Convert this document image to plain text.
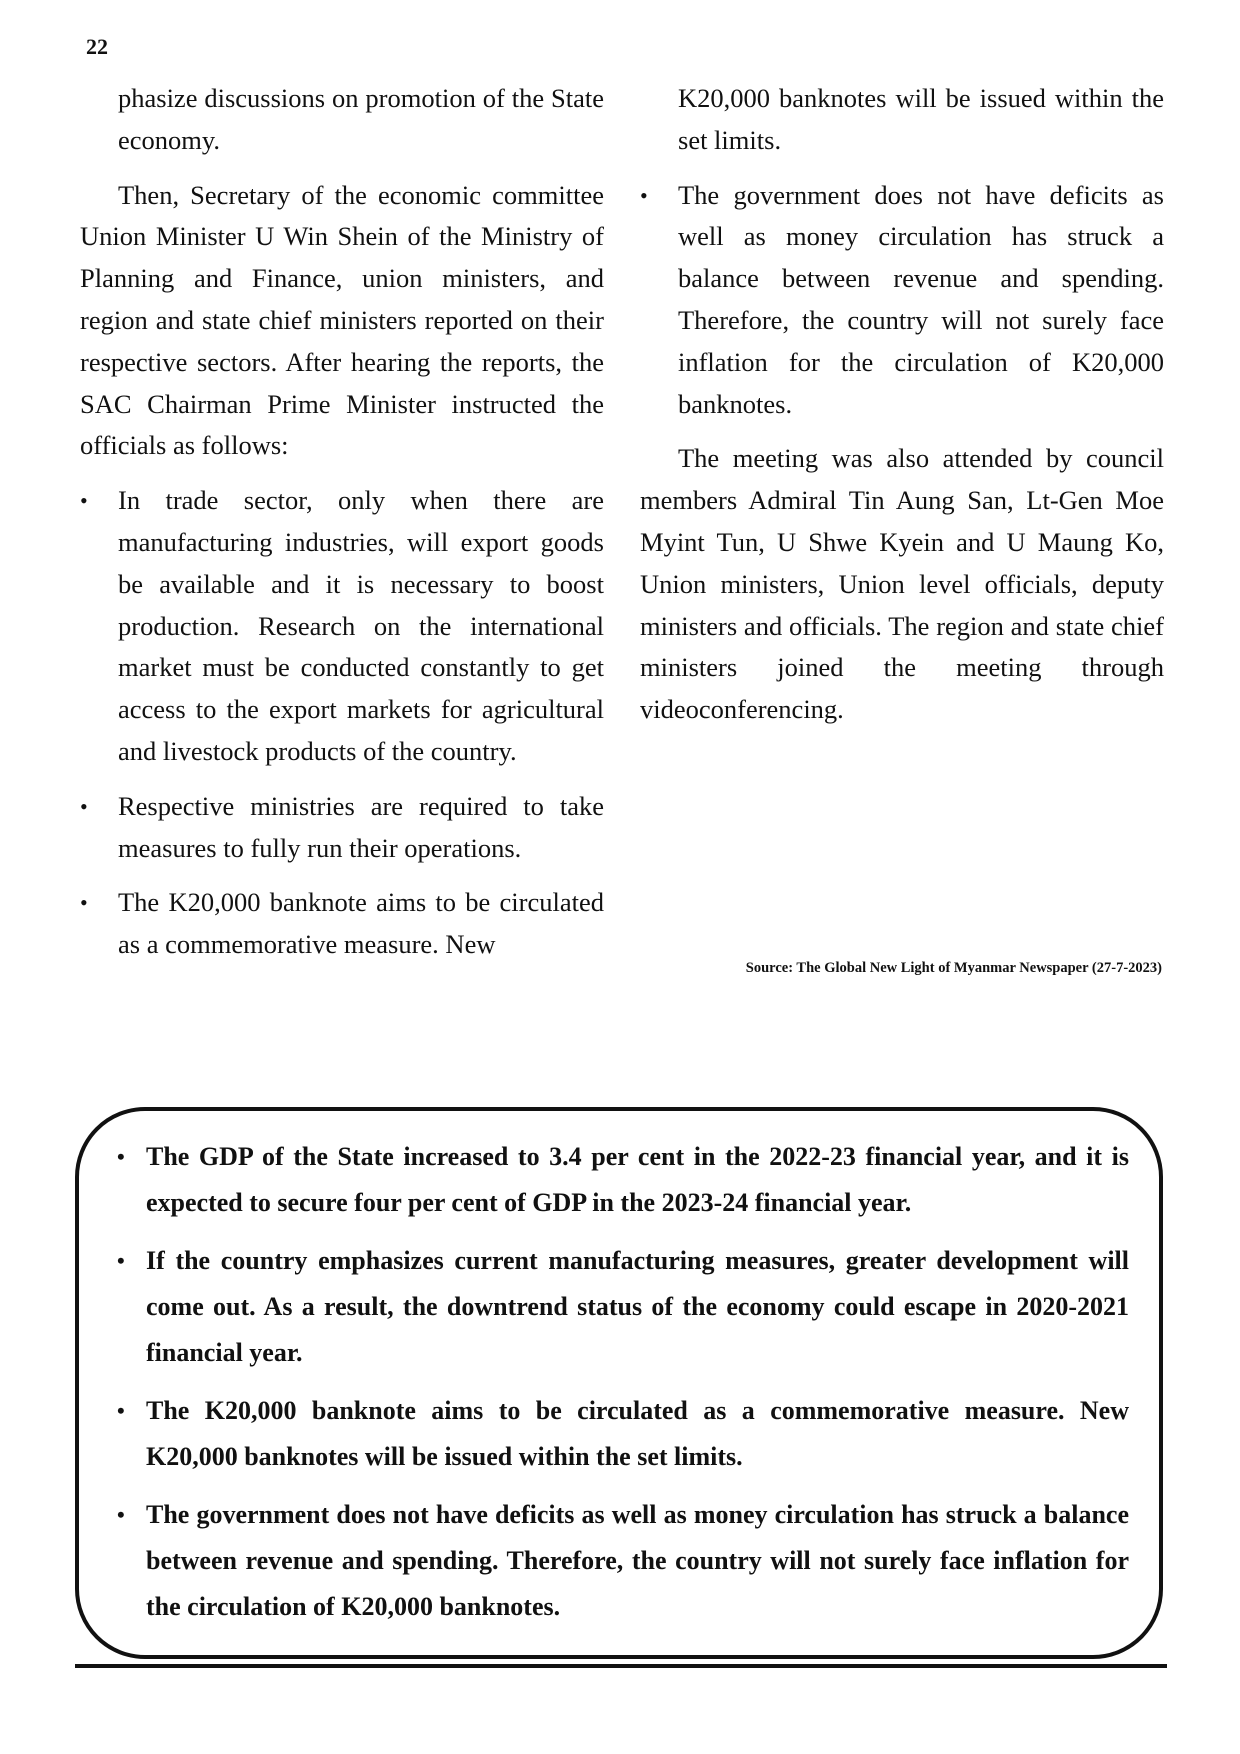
22

phasize discussions on promotion of the State economy.

Then, Secretary of the economic committee Union Minister U Win Shein of the Ministry of Planning and Finance, union ministers, and region and state chief ministers reported on their respective sectors. After hearing the reports, the SAC Chairman Prime Minister instructed the officials as follows:

• In trade sector, only when there are manufacturing industries, will export goods be available and it is necessary to boost production. Research on the international market must be conducted constantly to get access to the export markets for agricultural and livestock products of the country.
• Respective ministries are required to take measures to fully run their operations.
• The K20,000 banknote aims to be circulated as a commemorative measure. New

K20,000 banknotes will be issued within the set limits.

• The government does not have deficits as well as money circulation has struck a balance between revenue and spending. Therefore, the country will not surely face inflation for the circulation of K20,000 banknotes.

The meeting was also attended by council members Admiral Tin Aung San, Lt-Gen Moe Myint Tun, U Shwe Kyein and U Maung Ko, Union ministers, Union level officials, deputy ministers and officials. The region and state chief ministers joined the meeting through videoconferencing.

Source: The Global New Light of Myanmar Newspaper (27-7-2023)
• The GDP of the State increased to 3.4 per cent in the 2022-23 financial year, and it is expected to secure four per cent of GDP in the 2023-24 financial year.
• If the country emphasizes current manufacturing measures, greater development will come out. As a result, the downtrend status of the economy could escape in 2020-2021 financial year.
• The K20,000 banknote aims to be circulated as a commemorative measure. New K20,000 banknotes will be issued within the set limits.
• The government does not have deficits as well as money circulation has struck a balance between revenue and spending. Therefore, the country will not surely face inflation for the circulation of K20,000 banknotes.
